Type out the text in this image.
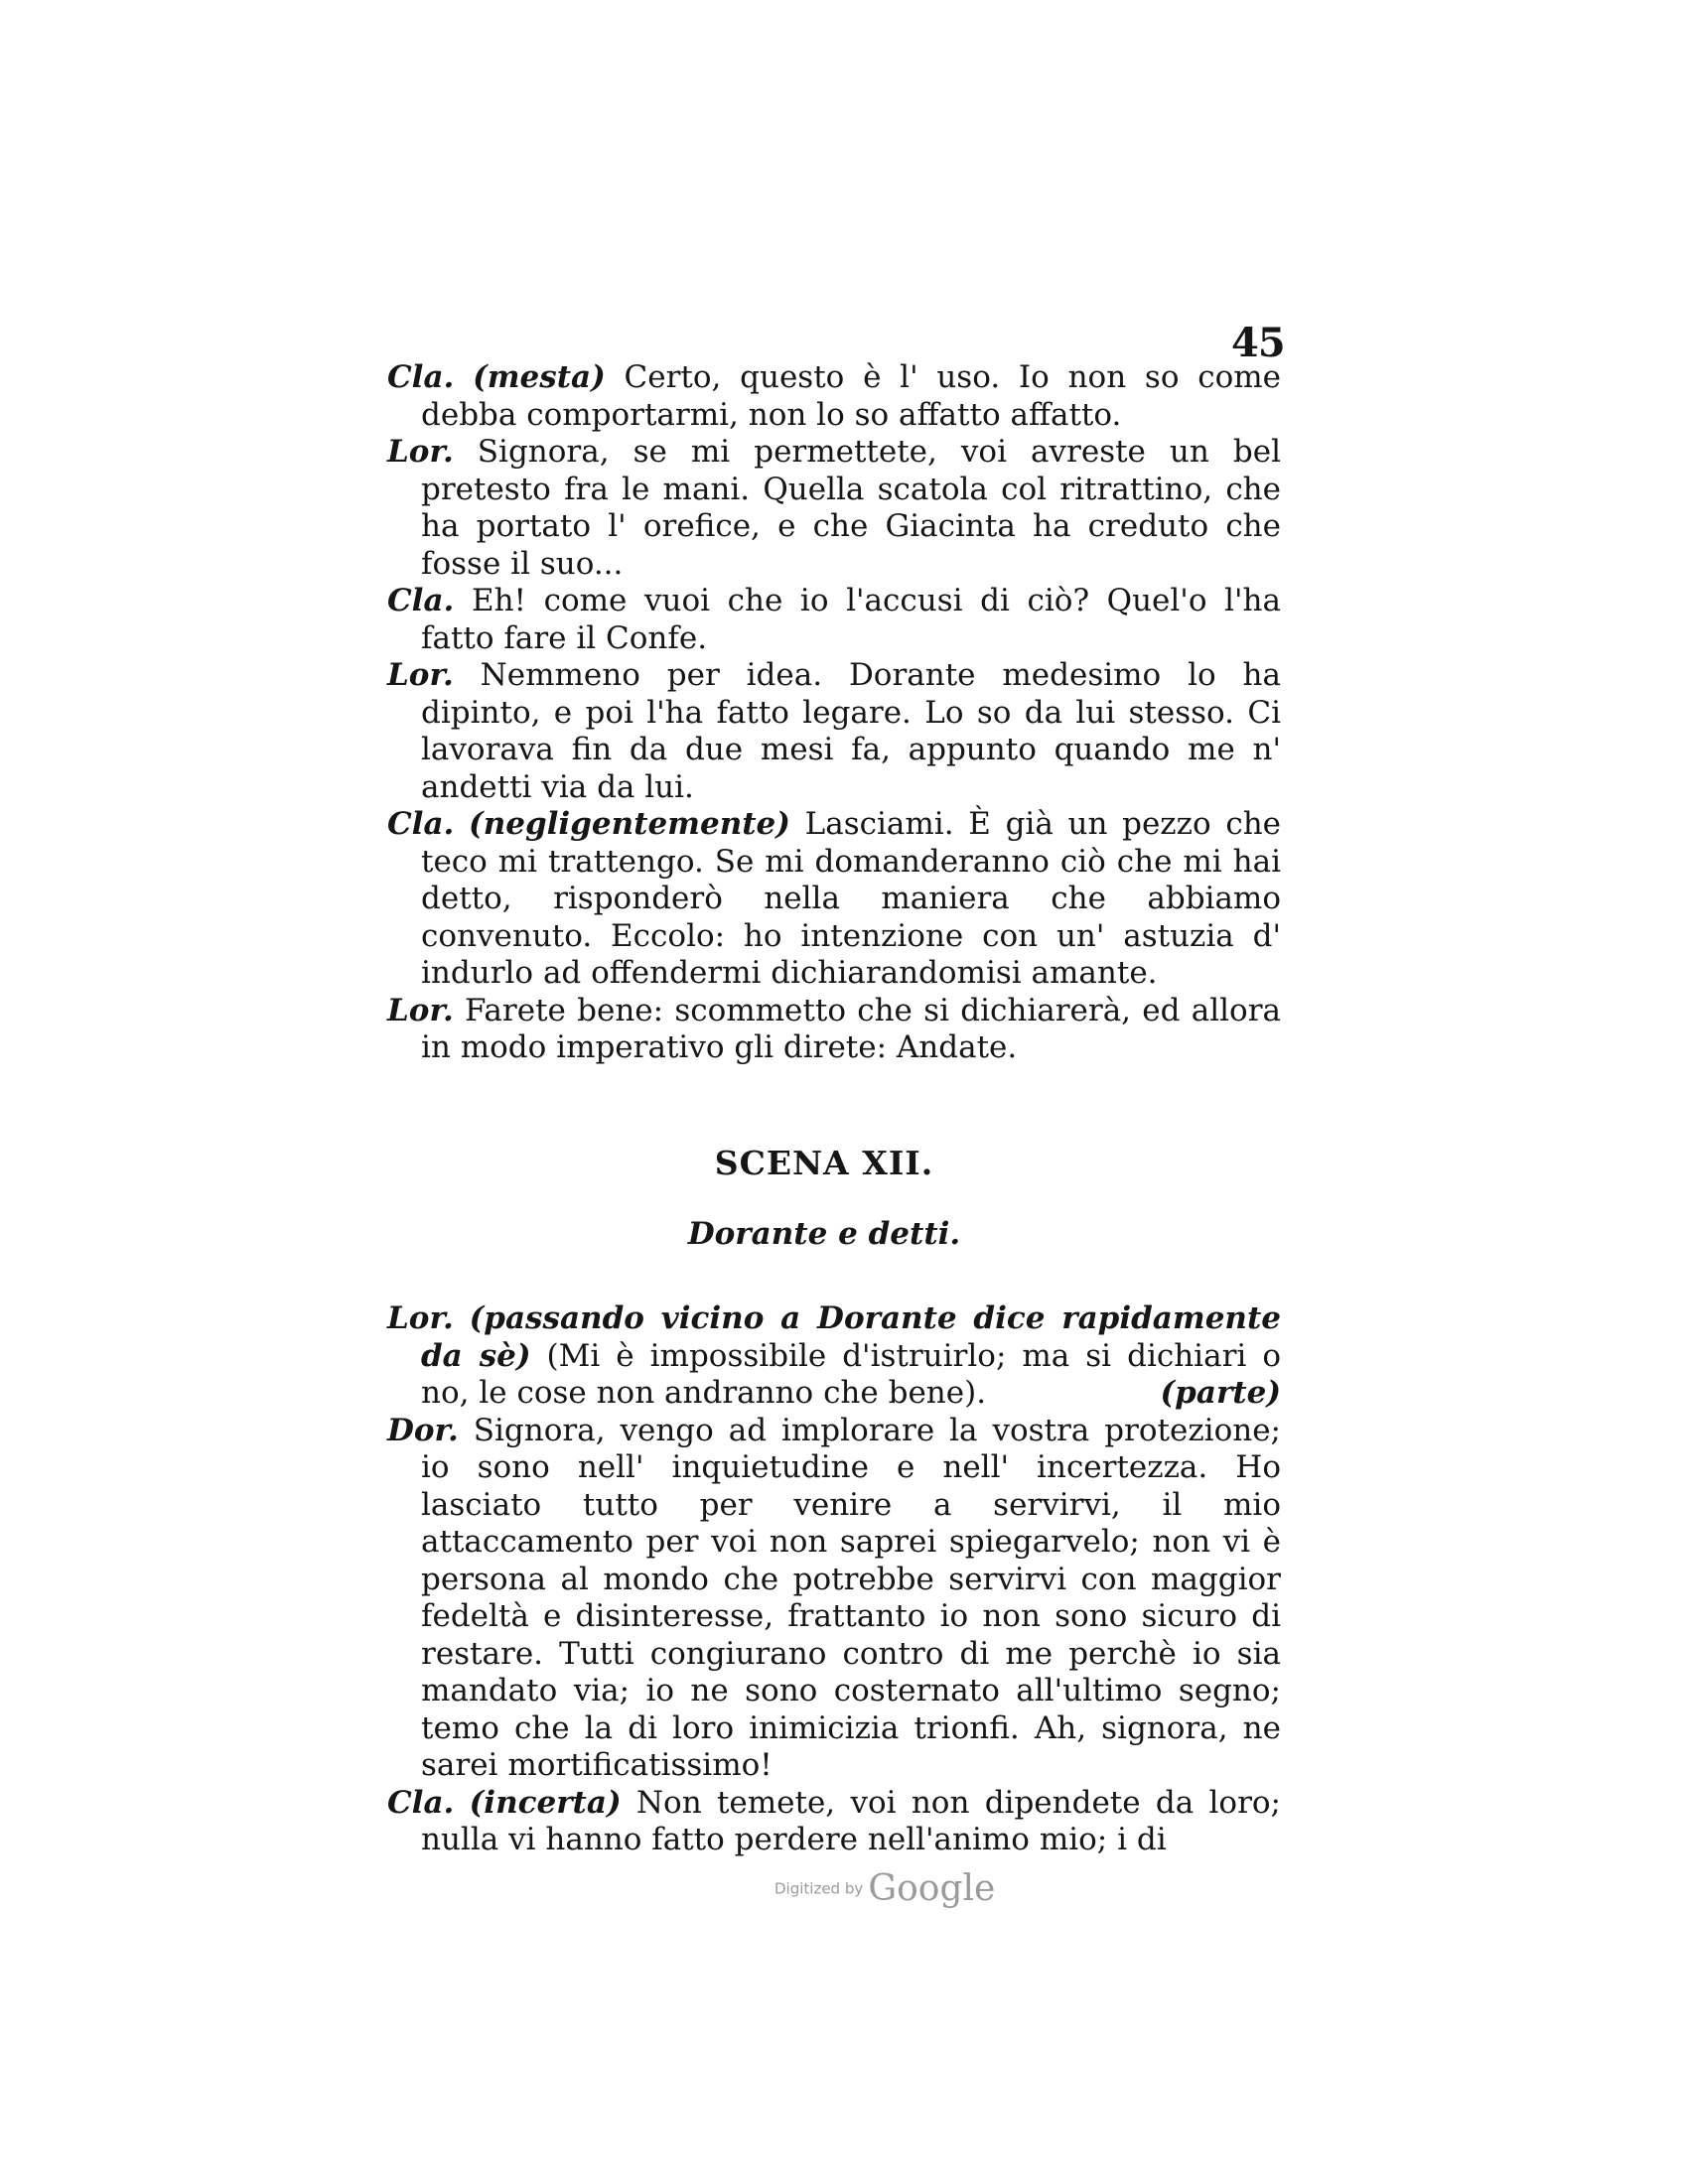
45

Cla. (mesta) Certo, questo è l' uso. Io non so come debba comportarmi, non lo so affatto affatto.

Lor. Signora, se mi permettete, voi avreste un bel pretesto fra le mani. Quella scatola col ritrattino, che ha portato l' orefice, e che Giacinta ha creduto che fosse il suo...

Cla. Eh! come vuoi che io l'accusi di ciò? Quel'o l'ha fatto fare il Confe.

Lor. Nemmeno per idea. Dorante medesimo lo ha dipinto, e poi l'ha fatto legare. Lo so da lui stesso. Ci lavorava fin da due mesi fa, appunto quando me n' andetti via da lui.

Cla. (negligentemente) Lasciami. È già un pezzo che teco mi trattengo. Se mi domanderanno ciò che mi hai detto, risponderò nella maniera che abbiamo convenuto. Eccolo: ho intenzione con un' astuzia d' indurlo ad offendermi dichiarandomisi amante.

Lor. Farete bene: scommetto che si dichiarerà, ed allora in modo imperativo gli direte: Andate.

SCENA XII.
Dorante e detti.

Lor. (passando vicino a Dorante dice rapidamente da sè) (Mi è impossibile d'istruirlo; ma si dichiari o no, le cose non andranno che bene).	(parte)

Dor. Signora, vengo ad implorare la vostra protezione; io sono nell' inquietudine e nell' incertezza. Ho lasciato tutto per venire a servirvi, il mio attaccamento per voi non saprei spiegarvelo; non vi è persona al mondo che potrebbe servirvi con maggior fedeltà e disinteresse, frattanto io non sono sicuro di restare. Tutti congiurano contro di me perchè io sia mandato via; io ne sono costernato all'ultimo segno; temo che la di loro inimicizia trionfi. Ah, signora, ne sarei mortificatissimo!

Cla. (incerta) Non temete, voi non dipendete da loro; nulla vi hanno fatto perdere nell'animo mio; i di

Digitized by Google
